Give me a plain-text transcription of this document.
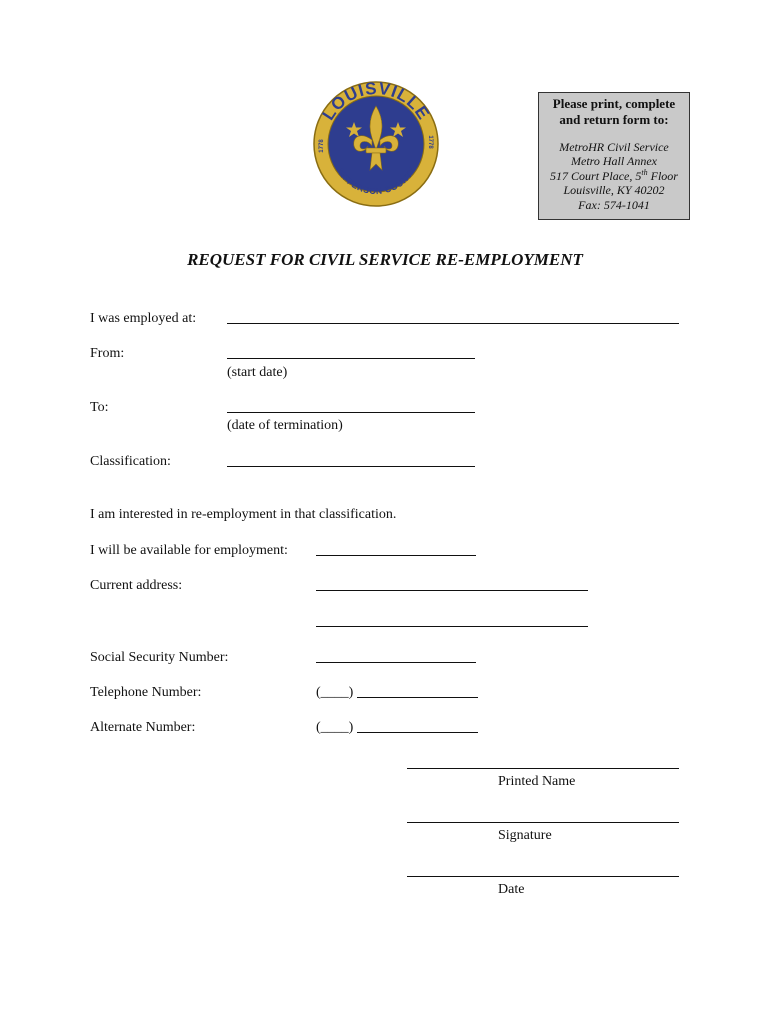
LOUISVILLE
JEFFERSON COUNTY
1778	1778
Please print, complete
and return form to:
MetroHR Civil Service
Metro Hall Annex
517 Court Place, 5th Floor
Louisville, KY 40202
Fax: 574-1041
REQUEST FOR CIVIL SERVICE RE-EMPLOYMENT
I was employed at:
From:
(start date)
To:
(date of termination)
Classification:
I am interested in re-employment in that classification.
I will be available for employment:
Current address:
Social Security Number:
Telephone Number:	(____)
Alternate Number:	(____)
Printed Name
Signature
Date
